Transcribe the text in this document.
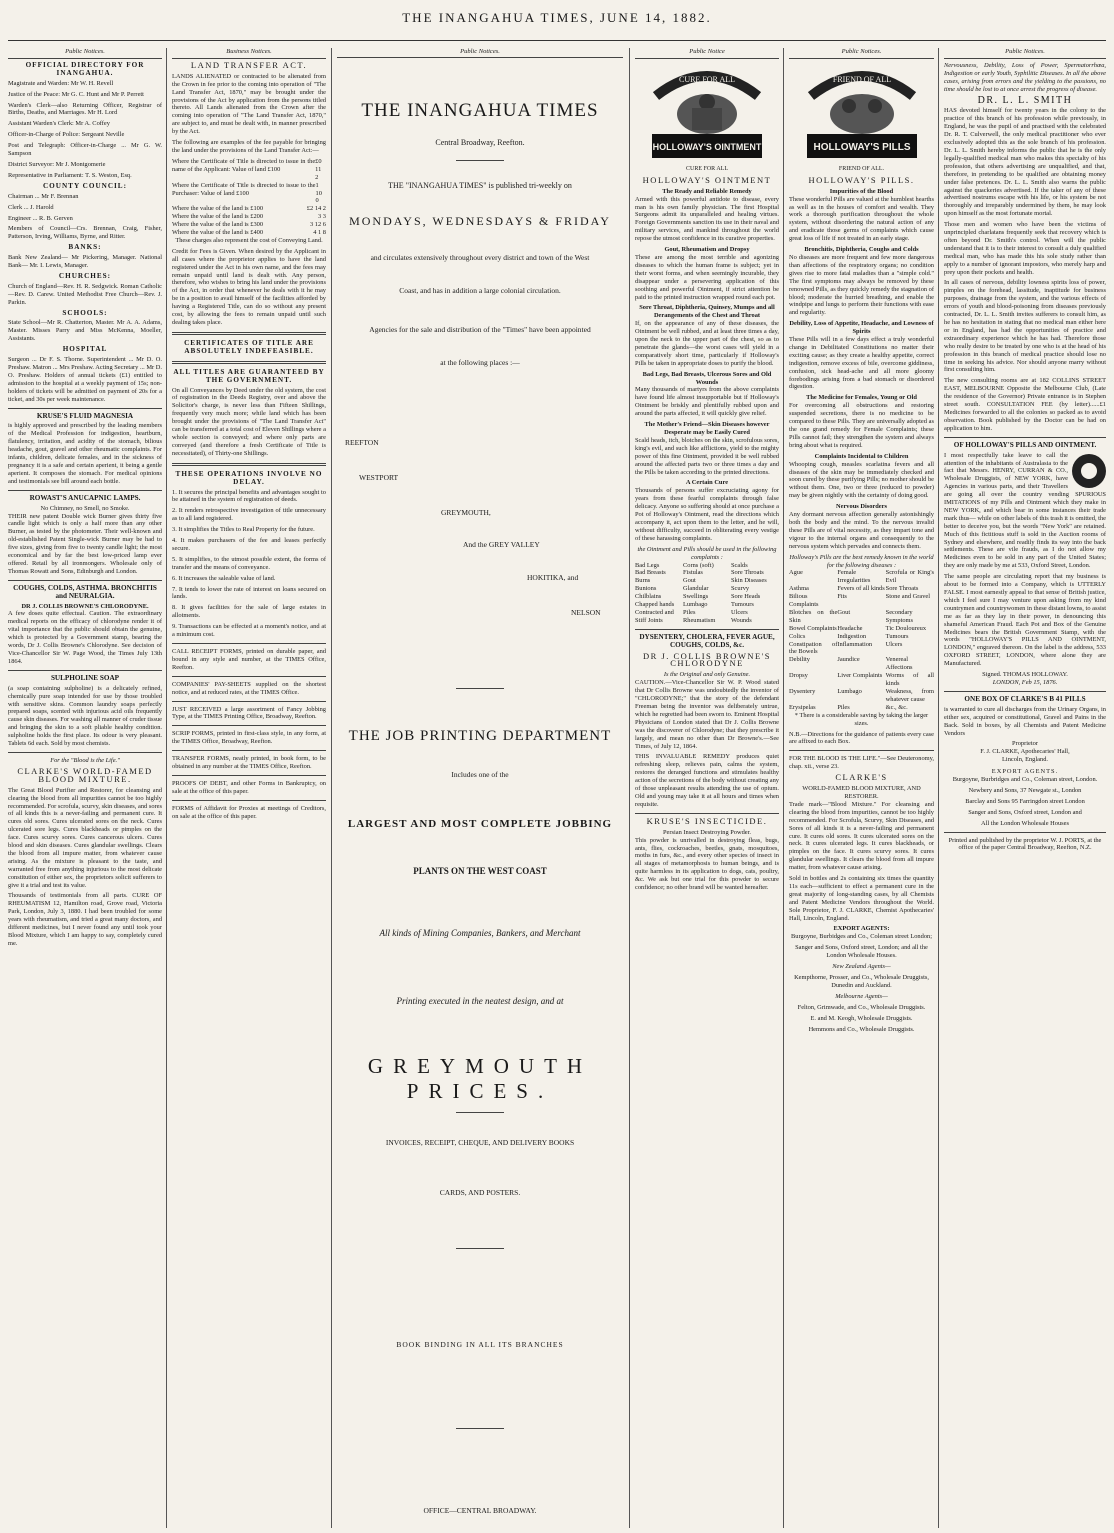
THE INANGAHUA TIMES, JUNE 14, 1882.
Public Notices.
OFFICIAL DIRECTORY FOR INANGAHUA.

Magistrate and Warden: Mr W. H. Revell

Justice of the Peace: Mr G. C. Hunt and Mr P. Perrett

Warden's Clerk—also Returning Officer, Registrar of Births, Deaths, and Marriages. Mr H. Lord

Assistant Warden's Clerk: Mr A. Coffey

Officer-in-Charge of Police: Sergeant Neville

Post and Telegraph: Officer-in-Charge ... Mr G. W. Sampson

District Surveyor: Mr J. Montgomerie

Representative in Parliament: T. S. Weston, Esq.

COUNTY COUNCIL:

Chairman ... Mr F. Brennan

Clerk ... J. Harold

Engineer ... R. B. Gerven

Members of Council—Crs. Brennan, Craig, Fisher, Patterson, Irving, Williams, Byrne, and Ritter.

BANKS:

Bank New Zealand— Mr Pickering, Manager. National Bank— Mr. I. Lewis, Manager.

CHURCHES:

Church of England—Rev. H. R. Sedgwick. Roman Catholic—Rev. D. Carew. United Methodist Free Church—Rev. J. Parkin.

SCHOOLS:

State School—Mr R. Chatterton, Master. Mr A. A. Adams, Master. Misses Parry and Miss McKenna, Moeller, Assistants.

HOSPITAL

Surgeon ... Dr F. S. Thorne. Superintendent ... Mr D. O. Preshaw. Matron ... Mrs Preshaw. Acting Secretary ... Mr D. O. Preshaw. Holders of annual tickets (£1) entitled to admission to the hospital at a weekly payment of 15s; non-holders of tickets will be admitted on payment of 20s for a ticket, and 30s per week maintenance.

KRUSE'S FLUID MAGNESIA

is highly approved and prescribed by the leading members of the Medical Profession for indigestion, heartburn, flatulency, irritation, and acidity of the stomach, bilious headache, gout, gravel and other rheumatic complaints. For infants, children, delicate females, and in the sickness of pregnancy it is a safe and certain aperient, it being a gentle aperient. It composes the stomach. For medical opinions and testimonials see bill around each bottle.

ROWAST'S ANUCAPNIC LAMPS.
No Chimney, no Smell, no Smoke.

THEIR new patent Double wick Burner gives thirty five candle light which is only a half more than any other Burner, as tested by the photometer. Their well-known and old-established Patent Single-wick Burner may be had to five sizes, giving from five to twenty candle light; the most economical and by far the best low-priced lamp ever offered. Retail by all ironmongers. Wholesale only of Thomas Rowatt and Sons, Edinburgh and London.

COUGHS, COLDS, ASTHMA. BRONCHITIS and NEURALGIA.
DR J. COLLIS BROWNE'S CHLORODYNE.

A few doses quite effectual. Caution. The extraordinary medical reports on the efficacy of chlorodyne render it of vital importance that the public should obtain the genuine, which is protected by a Government stamp, bearing the words, Dr J. Collis Browne's Chlorodyne. See decision of Vice-Chancellor Sir W. Page Wood, the Times July 13th 1864.

SULPHOLINE SOAP

(a soap containing sulpholine) is a delicately refined, chemically pure soap intended for use by those troubled with sensitive skins. Common laundry soaps perfectly prepared soaps, scented with injurious acid oils frequently cause skin diseases. For washing all manner of cruder tissue and bringing the skin to a soft pliable healthy condition. sulpholine holds the first place. Its odour is very pleasant. Tablets 6d each. Sold by most chemists.

For the "Blood is the Life."
CLARKE'S WORLD-FAMED BLOOD MIXTURE.

The Great Blood Purifier and Restorer, for cleansing and clearing the blood from all impurities cannot be too highly recommended. For scrofula, scurvy, skin diseases, and sores of all kinds this is a never-failing and permanent cure. It cures old sores. Cures ulcerated sores on the neck. Cures ulcerated sore legs. Cures blackheads or pimples on the face. Cures scurvy sores. Cures cancerous ulcers. Cures blood and skin diseases. Cures glandular swellings. Clears the blood from all impure matter, from whatever cause arising. As the mixture is pleasant to the taste, and warranted free from anything injurious to the most delicate constitution of either sex, the proprietors solicit sufferers to give it a trial and test its value.

Thousands of testimonials from all parts. CURE OF RHEUMATISM 12, Hamilton road, Grove road, Victoria Park, London, July 3, 1880. I had been troubled for some years with rheumatism, and tried a great many doctors, and different medicines, but I never found any until took your Blood Mixture, which I am happy to say, completely cured me.

Business Notices.
LAND TRANSFER ACT.

LANDS ALIENATED or contracted to be alienated from the Crown in fee prior to the coming into operation of "The Land Transfer Act, 1870," may be brought under the provisions of the Act by application from the persons titled thereto. All Lands alienated from the Crown after the coming into operation of "The Land Transfer Act, 1870," are subject to, and must be dealt with, in manner prescribed by the Act.

The following are examples of the fee payable for bringing the land under the provisions of the Land Transfer Act:—

Where the Certificate of Title is directed to issue in the name of the Applicant: Value of land £100
£0 11 2
Where the Certificate of Title is directed to issue to the Purchaser: Value of land £100
1 10 0
Where the value of the land is £100	£2 14 2
Where the value of the land is £200	3 3
Where the value of the land is £300	3 12 6
Where the value of the land is £400	4 1 8

These charges also represent the cost of Conveying Land.

Credit for Fees is Given. When desired by the Applicant in all cases where the proprietor applies to have the land registered under the Act in his own name, and the fees may remain unpaid until land is dealt with. Any person, therefore, who wishes to bring his land under the provisions of the Act, in order that whenever he deals with it he may be in a position to avail himself of the facilities afforded by having a Registered Title, can do so without any present cost, by allowing the fees to remain unpaid until such dealing takes place.

CERTIFICATES OF TITLE ARE ABSOLUTELY INDEFEASIBLE.
ALL TITLES ARE GUARANTEED BY THE GOVERNMENT.

On all Conveyances by Deed under the old system, the cost of registration in the Deeds Registry, over and above the Solicitor's charge, is never less than Fifteen Shillings, frequently very much more; while land which has been brought under the provisions of "The Land Transfer Act" can be transferred at a total cost of Eleven Shillings where a whole section is conveyed; and where only parts are conveyed (and therefore a fresh Certificate of Title is necessitated), of Thirty-one Shillings.

THESE OPERATIONS INVOLVE NO DELAY.

1. It secures the principal benefits and advantages sought to be attained in the system of registration of deeds.

2. It renders retrospective investigation of title unnecessary as to all land registered.

3. It simplifies the Titles to Real Property for the future.

4. It makes purchasers of the fee and leases perfectly secure.

5. It simplifies, to the utmost possible extent, the forms of transfer and the means of conveyance.

6. It increases the saleable value of land.

7. It tends to lower the rate of interest on loans secured on lands.

8. It gives facilities for the sale of large estates in allotments.

9. Transactions can be effected at a moment's notice, and at a minimum cost.

CALL RECEIPT FORMS, printed on durable paper, and bound in any style and number, at the TIMES Office, Reefton.

COMPANIES' PAY-SHEETS supplied on the shortest notice, and at reduced rates, at the TIMES Office.

JUST RECEIVED a large assortment of Fancy Jobbing Type, at the TIMES Printing Office, Broadway, Reefton.

SCRIP FORMS, printed in first-class style, in any form, at the TIMES Office, Broadway, Reefton.

TRANSFER FORMS, neatly printed, in book form, to be obtained in any number at the TIMES Office, Reefton.

PROOFS OF DEBT, and other Forms in Bankruptcy, on sale at the office of this paper.

FORMS of Affidavit for Proxies at meetings of Creditors, on sale at the office of this paper.

Public Notices.
THE INANGAHUA TIMES
Central Broadway, Reefton.
THE "INANGAHUA TIMES" is published tri-weekly on
MONDAYS, WEDNESDAYS & FRIDAY
and circulates extensively throughout every district and town of the West
Coast, and has in addition a large colonial circulation.
Agencies for the sale and distribution of the "Times" have been appointed
at the following places :—
REEFTON
WESTPORT
GREYMOUTH,
And the GREY VALLEY
HOKITIKA, and
NELSON
THE JOB PRINTING DEPARTMENT
Includes one of the
LARGEST AND MOST COMPLETE JOBBING
PLANTS ON THE WEST COAST
All kinds of Mining Companies, Bankers, and Merchant
Printing executed in the neatest design, and at
GREYMOUTH PRICES.
INVOICES, RECEIPT, CHEQUE, AND DELIVERY BOOKS
CARDS, AND POSTERS.
BOOK BINDING IN ALL ITS BRANCHES
OFFICE—CENTRAL BROADWAY.
Public Notice
CURE FOR ALL
HOLLOWAY'S OINTMENT
CURE FOR ALL
HOLLOWAY'S OINTMENT
The Ready and Reliable Remedy

Armed with this powerful antidote to disease, every man is his own family physician. The first Hospital Surgeons admit its unparalleled and healing virtues. Foreign Governments sanction its use in their naval and military services, and mankind throughout the world repose the utmost confidence in its curative properties.

Gout, Rheumatism and Dropsy

These are among the most terrible and agonizing diseases to which the human frame is subject; yet in their worst forms, and when seemingly incurable, they disappear under a persevering application of this soothing and powerful Ointment, if strict attention be paid to the printed instruction wrapped round each pot.

Sore Throat, Diphtheria, Quinsey, Mumps and all Derangements of the Chest and Throat

If, on the appearance of any of these diseases, the Ointment be well rubbed, and at least three times a day, upon the neck to the upper part of the chest, so as to penetrate the glands—the worst cases will yield in a comparatively short time, particularly if Holloway's Pills be taken in appropriate doses to purify the blood.

Bad Legs, Bad Breasts, Ulcerous Sores and Old Wounds

Many thousands of martyrs from the above complaints have found life almost insupportable but if Holloway's Ointment be briskly and plentifully rubbed upon and around the parts affected, it will quickly give relief.

The Mother's Friend—Skin Diseases however Desperate may be Easily Cured

Scald heads, itch, blotches on the skin, scrofulous sores, king's evil, and such like afflictions, yield to the mighty power of this fine Ointment, provided it be well rubbed around the affected parts two or three times a day and the Pills be taken according to the printed directions.

A Certain Cure

Thousands of persons suffer excruciating agony for years from these fearful complaints through false delicacy. Anyone so suffering should at once purchase a Pot of Holloway's Ointment, read the directions which accompany it, act upon them to the letter, and he will, without difficulty, succeed in obliterating every vestige of these harassing complaints.

the Ointment and Pills should be used in the following complaints :
Bad Legs	Corns (soft)	Scalds
Bad Breasts	Fistulas	Sore Throats
Burns	Gout	Skin Diseases
Bunions	Glandular	Scurvy
Chilblains	Swellings	Sore Heads
Chapped hands	Lumbago	Tumours
Contracted and	Piles	Ulcers
Stiff Joints	Rheumatism	Wounds
DYSENTERY, CHOLERA, FEVER AGUE, COUGHS, COLDS, &c.
DR J. COLLIS BROWNE'S CHLORODYNE
Is the Original and only Genuine.

CAUTION.—Vice-Chancellor Sir W. P. Wood stated that Dr Collis Browne was undoubtedly the inventor of "CHLORODYNE;" that the story of the defendant Freeman being the inventor was deliberately untrue, which he regretted had been sworn to. Eminent Hospital Physicians of London stated that Dr J. Collis Browne was the discoverer of Chlorodyne; that they prescribe it largely, and mean no other than Dr Browne's.—See Times, of July 12, 1864.

THIS INVALUABLE REMEDY produces quiet refreshing sleep, relieves pain, calms the system, restores the deranged functions and stimulates healthy action of the secretions of the body without creating any of those unpleasant results attending the use of opium. Old and young may take it at all hours and times when requisite.

KRUSE'S INSECTICIDE.
Persian Insect Destroying Powder.

This powder is unrivalled in destroying fleas, bugs, ants, flies, cockroaches, beetles, gnats, mosquitoes, moths in furs, &c., and every other species of insect in all stages of metamorphosis to human beings, and is quite harmless in its application to dogs, cats, poultry, &c. We ask but one trial for this powder to secure confidence; no other brand will be wanted hereafter.

Public Notices.
FRIEND OF ALL
HOLLOWAY'S PILLS
FRIEND OF ALL.
HOLLOWAY'S PILLS.
Impurities of the Blood

These wonderful Pills are valued at the humblest hearths as well as in the houses of comfort and wealth. They work a thorough purification throughout the whole system, without disordering the natural action of any and eradicate those germs of complaints which cause great loss of life if not treated in an early stage.

Bronchitis, Diphtheria, Coughs and Colds

No diseases are more frequent and few more dangerous than affections of the respiratory organs; no condition gives rise to more fatal maladies than a "simple cold." The first symptoms may always be removed by these renowned Pills, as they quickly remedy the stagnation of blood; moderate the hurried breathing, and enable the windpipe and lungs to perform their functions with ease and regularity.

Debility, Loss of Appetite, Headache, and Lowness of Spirits

These Pills will in a few days effect a truly wonderful change in Debilitated Constitutions no matter their exciting cause; as they create a healthy appetite, correct indigestion, remove excess of bile, overcome giddiness, confusion, sick head-ache and all more gloomy forebodings arising from a bad stomach or disordered digestion.

The Medicine for Females, Young or Old

For overcoming all obstructions and restoring suspended secretions, there is no medicine to be compared to these Pills. They are universally adopted as the one grand remedy for Female Complaints; these Pills cannot fail; they strengthen the system and always bring about what is required.

Complaints Incidental to Children

Whooping cough, measles scarlatina fevers and all diseases of the skin may be immediately checked and soon cured by these purifying Pills; no mother should be without them. One, two or three (reduced to powder) may be given nightly with the certainty of doing good.

Nervous Disorders

Any dormant nervous affection generally astonishingly both the body and the mind. To the nervous invalid these Pills are of vital necessity, as they impart tone and vigour to the internal organs and consequently to the nervous system which pervades and connects them.

Holloway's Pills are the best remedy known in the world for the following diseases :
Ague	Female Irregularities
Scrofula or King's Evil
Asthma	Fevers of all kinds Sore Throats
Bilious Complaints
Fits	Stone and Gravel
Blotches on the Skin
Gout	Secondary Symptoms
Bowel Complaints Headache	Tic Douloureux
Colics	Indigestion	Tumours
Constipation of the Bowels
Inflammation	Ulcers
Debility	Jaundice	Venereal Affections
Dropsy	Liver Complaints Worms of all kinds
Dysentery	Lumbago	Weakness, from whatever cause
Erysipelas	Piles	&c., &c.

* There is a considerable saving by taking the larger sizes.

N.B.—Directions for the guidance of patients every case are affixed to each Box.

FOR THE BLOOD IS THE LIFE."—See Deuteronomy, chap. xii., verse 23.

CLARKE'S
WORLD-FAMED BLOOD MIXTURE, AND RESTORER.

Trade mark—"Blood Mixture." For cleansing and clearing the blood from impurities, cannot be too highly recommended. For Scrofula, Scurvy, Skin Diseases, and Sores of all kinds it is a never-failing and permanent cure. It cures old sores. It cures ulcerated sores on the neck. It cures ulcerated legs. It cures blackheads, or pimples on the face. It cures scurvy sores. It cures glandular swellings. It clears the blood from all impure matter, from whatever cause arising.

Sold in bottles and 2s containing six times the quantity 11s each—sufficient to effect a permanent cure in the great majority of long-standing cases, by all Chemists and Patent Medicine Vendors throughout the World. Sole Proprietor, F. J. CLARKE, Chemist Apothecaries' Hall, Lincoln, England.

EXPORT AGENTS:

Burgoyne, Burbidges and Co., Coleman street London;

Sanger and Sons, Oxford street, London; and all the London Wholesale Houses.

New Zealand Agents—

Kempthorne, Prosser, and Co., Wholesale Druggists, Dunedin and Auckland.

Melbourne Agents—

Felton, Grimwade, and Co., Wholesale Druggists.

E. and M. Keogh, Wholesale Druggists.

Hemmons and Co., Wholesale Druggists.

Public Notices.

Nervousness, Debility, Loss of Power, Spermatorrhœa, Indigestion or early Youth, Syphilitic Diseases. In all the above cases, arising from errors and the yielding to the passions, no time should be lost to at once arrest the progress of disease.

DR. L. L. SMITH

HAS devoted himself for twenty years in the colony to the practice of this branch of his profession while previously, in England, he was the pupil of and practised with the celebrated Dr. R. T. Culverwell, the only medical practitioner who ever exclusively adopted this as the sole branch of his profession. Dr. L. L. Smith hereby informs the public that he is the only legally-qualified medical man who makes this specialty of his profession, that others advertising are unqualified, and that, therefore, in pretending to be qualified are obtaining money under false pretences. Dr. L. L. Smith also warns the public against the quackeries advertised. If the taker of any of these advertised nostrums escape with his life, or his system be not thoroughly and irreparably undermined by them, he may look upon himself as the most fortunate mortal.

Those men and women who have been the victims of unprincipled charlatans frequently seek that recovery which is often beyond Dr. Smith's control. When will the public understand that it is to their interest to consult a duly qualified medical man, who has made this his sole study rather than apply to a number of ignorant impostors, who merely harp and prey upon their pockets and health.

In all cases of nervous, debility lowness spirits loss of power, pimples on the forehead, lassitude, inaptitude for business purposes, drainage from the system, and the various effects of errors of youth and blood-poisoning from diseases previously contracted, Dr. L. L. Smith invites sufferers to consult him, as he has no hesitation in stating that no medical man either here or in England, has had the opportunities of practice and extraordinary experience which he has had. Therefore those who really desire to be treated by one who is at the head of his profession in this branch of medical practice should lose no time in seeking his advice. Nor should anyone marry without first consulting him.

The new consulting rooms are at 182 COLLINS STREET EAST, MELBOURNE Opposite the Melbourne Club, (Late the residence of the Governor) Private entrance is in Stephen street south. CONSULTATION FEE (by letter)......£1 Medicines forwarded to all the colonies so packed as to avoid observation. Book published by the Doctor can be had on application to him.

OF HOLLOWAY'S PILLS AND OINTMENT.

I most respectfully take leave to call the attention of the inhabitants of Australasia to the fact that Messrs. HENRY, CURRAN & CO., Wholesale Druggists, of NEW YORK, have Agencies in various parts, and their Travellers are going all over the country vending SPURIOUS IMITATIONS of my Pills and Ointment which they make in NEW YORK, and which bear in some instances their trade mark thus— while on other labels of this trash it is omitted, the better to deceive you, but the words "New York" are retained. Much of this fictitious stuff is sold in the Auction rooms of Sydney and elsewhere, and readily finds its way into the back settlements. These are vile frauds, as I do not allow my Medicines even to be sold in any part of the United States; they are only made by me at 533, Oxford Street, London.

The same people are circulating report that my business is about to be formed into a Company, which is UTTERLY FALSE. I most earnestly appeal to that sense of British justice, which I feel sure I may venture upon asking from my kind countrymen and countrywomen in these distant lowns, to assist me as far as they lay in their power, in denouncing this shameful American Fraud. Each Pot and Box of the Genuine Medicines bears the British Government Stamp, with the words "HOLLOWAY'S PILLS AND OINTMENT, LONDON," engraved thereon. On the label is the address, 533 OXFORD STREET, LONDON, where alone they are Manufactured.

Signed. THOMAS HOLLOWAY.
LONDON, Feb 15, 1876.
ONE BOX OF CLARKE'S B 41 PILLS

is warranted to cure all discharges from the Urinary Organs, in either sex, acquired or constitutional, Gravel and Pains in the Back. Sold in boxes, by all Chemists and Patent Medicine Vendors

Proprietor
F. J. CLARKE, Apothecaries' Hall,
Lincoln, England.
EXPORT AGENTS.

Burgoyne, Burbridges and Co., Coleman street, London.

Newbery and Sons, 37 Newgate st., London

Barclay and Sons 95 Farringdon street London

Sanger and Sons, Oxford street, London and

All the London Wholesale Houses

Printed and published by the proprietor W. J. PORTS, at the office of the paper Central Broadway, Reefton, N.Z.
